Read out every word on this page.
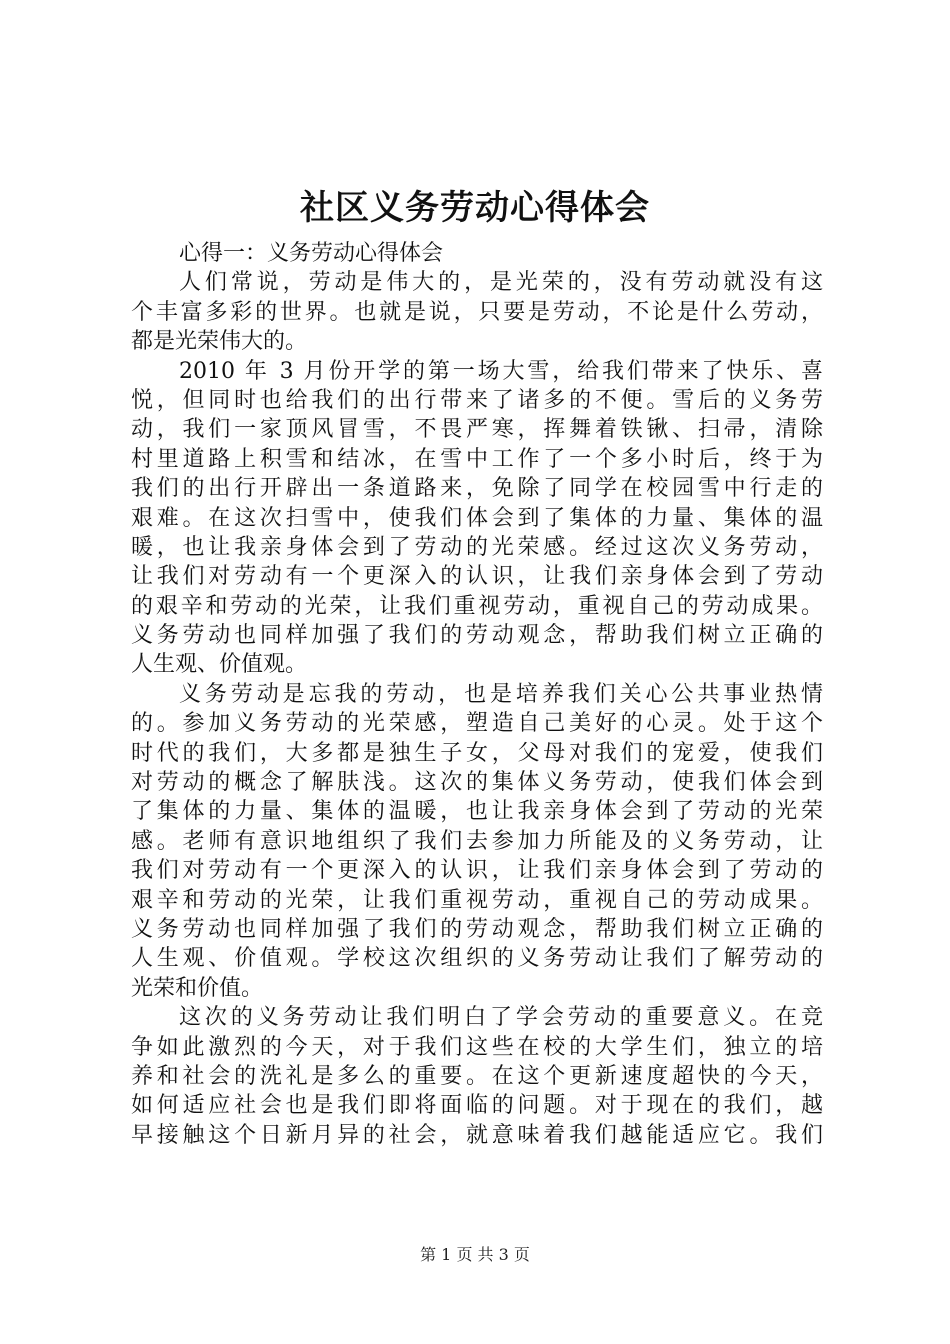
社区义务劳动心得体会
心得一：义务劳动心得体会
人们常说，劳动是伟大的，是光荣的，没有劳动就没有这
个丰富多彩的世界。也就是说，只要是劳动，不论是什么劳动，
都是光荣伟大的。
2010 年 3 月份开学的第一场大雪，给我们带来了快乐、喜
悦，但同时也给我们的出行带来了诸多的不便。雪后的义务劳
动，我们一家顶风冒雪，不畏严寒，挥舞着铁锹、扫帚，清除
村里道路上积雪和结冰，在雪中工作了一个多小时后，终于为
我们的出行开辟出一条道路来，免除了同学在校园雪中行走的
艰难。在这次扫雪中，使我们体会到了集体的力量、集体的温
暖，也让我亲身体会到了劳动的光荣感。经过这次义务劳动，
让我们对劳动有一个更深入的认识，让我们亲身体会到了劳动
的艰辛和劳动的光荣，让我们重视劳动，重视自己的劳动成果。
义务劳动也同样加强了我们的劳动观念，帮助我们树立正确的
人生观、价值观。
义务劳动是忘我的劳动，也是培养我们关心公共事业热情
的。参加义务劳动的光荣感，塑造自己美好的心灵。处于这个
时代的我们，大多都是独生子女，父母对我们的宠爱，使我们
对劳动的概念了解肤浅。这次的集体义务劳动，使我们体会到
了集体的力量、集体的温暖，也让我亲身体会到了劳动的光荣
感。老师有意识地组织了我们去参加力所能及的义务劳动，让
我们对劳动有一个更深入的认识，让我们亲身体会到了劳动的
艰辛和劳动的光荣，让我们重视劳动，重视自己的劳动成果。
义务劳动也同样加强了我们的劳动观念，帮助我们树立正确的
人生观、价值观。学校这次组织的义务劳动让我们了解劳动的
光荣和价值。
这次的义务劳动让我们明白了学会劳动的重要意义。在竞
争如此激烈的今天，对于我们这些在校的大学生们，独立的培
养和社会的洗礼是多么的重要。在这个更新速度超快的今天，
如何适应社会也是我们即将面临的问题。对于现在的我们，越
早接触这个日新月异的社会，就意味着我们越能适应它。我们
第 1 页 共 3 页
